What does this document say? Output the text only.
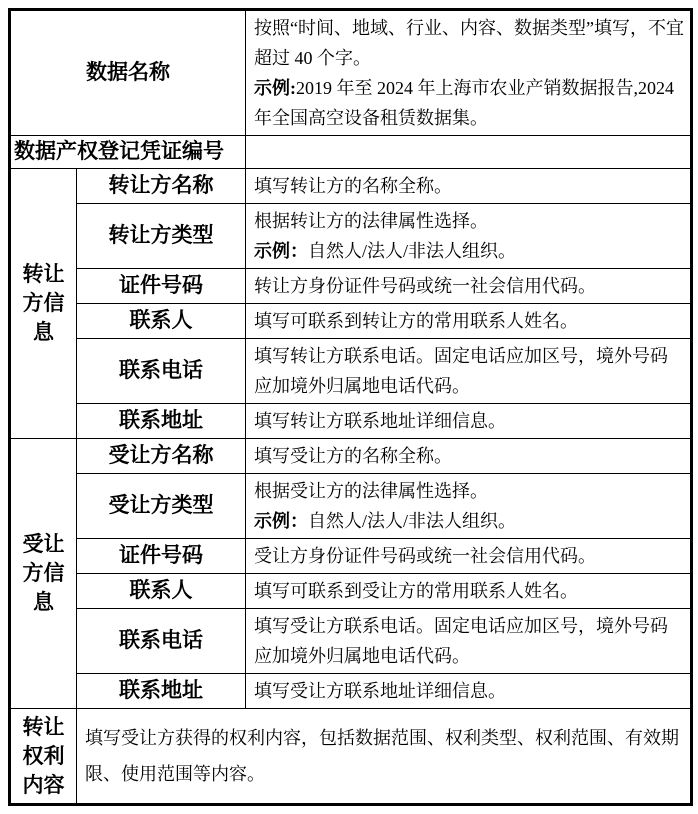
数据名称		按照“时间、地域、行业、内容、数据类型”填写，不宜超过 40 个字。
示例:2019 年至 2024 年上海市农业产销数据报告,2024 年全国高空设备租赁数据集。

数据产权登记凭证编号		
转让方信息	转让方名称	填写转让方的名称全称。
	转让方类型	根据转让方的法律属性选择。
示例：自然人/法人/非法人组织。

	证件号码	转让方身份证件号码或统一社会信用代码。
	联系人	填写可联系到转让方的常用联系人姓名。
	联系电话	填写转让方联系电话。固定电话应加区号，境外号码应加境外归属地电话代码。
	联系地址	填写转让方联系地址详细信息。
受让方信息	受让方名称	填写受让方的名称全称。
	受让方类型	根据受让方的法律属性选择。
示例：自然人/法人/非法人组织。

	证件号码	受让方身份证件号码或统一社会信用代码。
	联系人	填写可联系到受让方的常用联系人姓名。
	联系电话	填写受让方联系电话。固定电话应加区号，境外号码应加境外归属地电话代码。
	联系地址	填写受让方联系地址详细信息。
转让权利内容	填写受让方获得的权利内容，包括数据范围、权利类型、权利范围、有效期限、使用范围等内容。	
